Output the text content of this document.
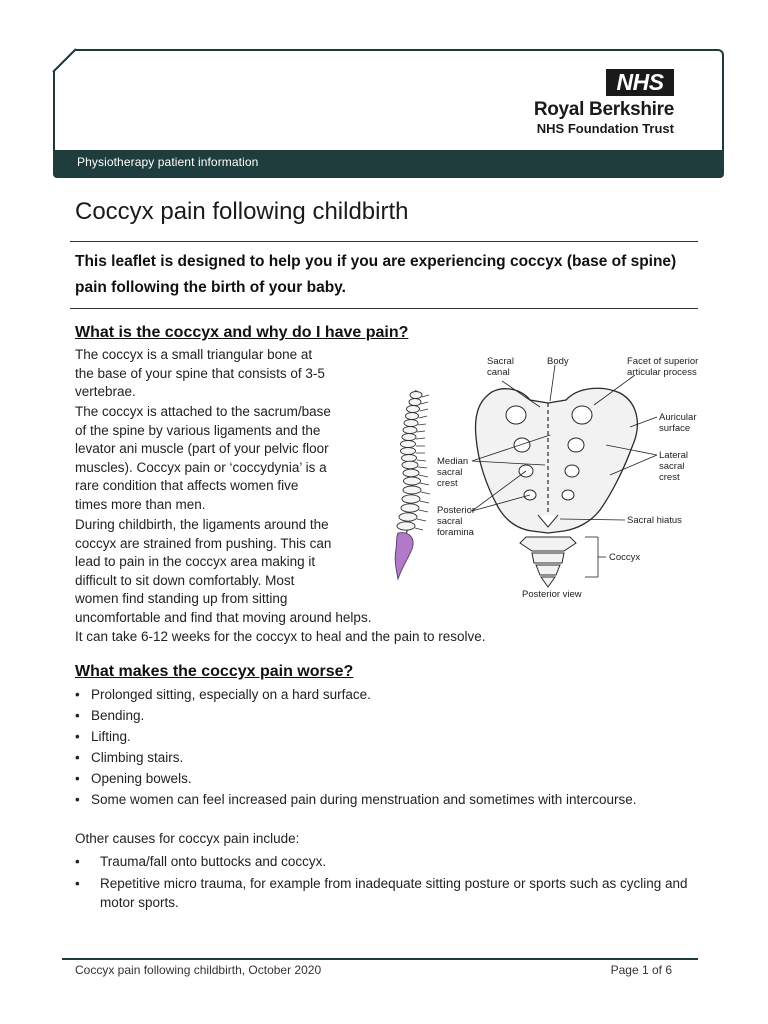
Physiotherapy patient information
NHS
Royal Berkshire
NHS Foundation Trust
Coccyx pain following childbirth
This leaflet is designed to help you if you are experiencing coccyx (base of spine) pain following the birth of your baby.
What is the coccyx and why do I have pain?
The coccyx is a small triangular bone at
the base of your spine that consists of 3-5
vertebrae.
The coccyx is attached to the sacrum/base
of the spine by various ligaments and the
levator ani muscle (part of your pelvic floor
muscles). Coccyx pain or ‘coccydynia’ is a
rare condition that affects women five
times more than men.
During childbirth, the ligaments around the
coccyx are strained from pushing. This can
lead to pain in the coccyx area making it
difficult to sit down comfortably. Most
women find standing up from sitting
uncomfortable and find that moving around helps.
It can take 6-12 weeks for the coccyx to heal and the pain to resolve.
Sacral canal
Body	Facet of superior articular process
Auricular surface
Lateral sacral crest
Median sacral crest
Posterior sacral foramina
Sacral hiatus
Coccyx
Posterior view
What makes the coccyx pain worse?
• Prolonged sitting, especially on a hard surface.
• Bending.
• Lifting.
• Climbing stairs.
• Opening bowels.
• Some women can feel increased pain during menstruation and sometimes with intercourse.
Other causes for coccyx pain include:
• Trauma/fall onto buttocks and coccyx.
• Repetitive micro trauma, for example from inadequate sitting posture or sports such as cycling and motor sports.
Coccyx pain following childbirth, October 2020	Page 1 of 6
